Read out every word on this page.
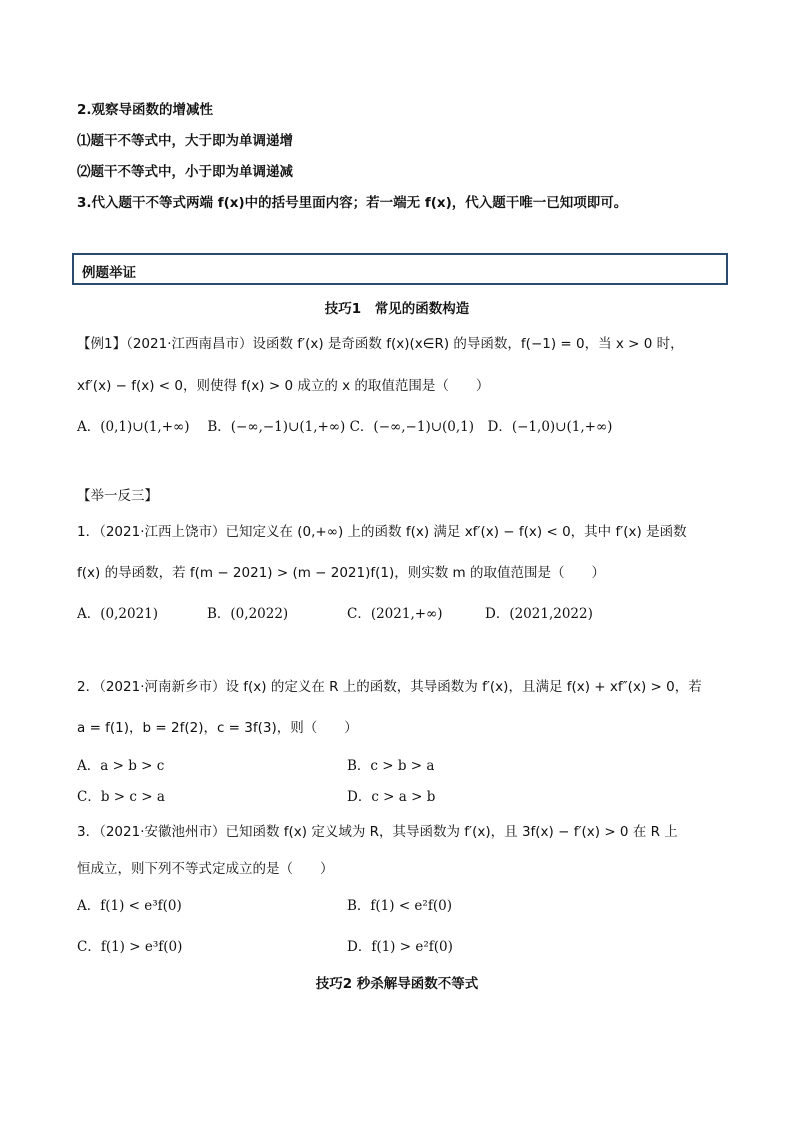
2.观察导函数的增减性
⑴题干不等式中，大于即为单调递增
⑵题干不等式中，小于即为单调递减
3.代入题干不等式两端 f(x)中的括号里面内容；若一端无 f(x)，代入题干唯一已知项即可。
例题举证
技巧1　常见的函数构造
【例1】（2021·江西南昌市）设函数 f′(x) 是奇函数 f(x)(x∈R) 的导函数，f(−1) = 0，当 x > 0 时，
xf′(x) − f(x) < 0，则使得 f(x) > 0 成立的 x 的取值范围是（　　）
A．(0,1)∪(1,+∞)　 B．(−∞,−1)∪(1,+∞) C．(−∞,−1)∪(0,1)　D．(−1,0)∪(1,+∞)
【举一反三】
1．（2021·江西上饶市）已知定义在 (0,+∞) 上的函数 f(x) 满足 xf′(x) − f(x) < 0，其中 f′(x) 是函数
f(x) 的导函数，若 f(m − 2021) > (m − 2021)f(1)，则实数 m 的取值范围是（　　）
A．(0,2021)	B．(0,2022)	C．(2021,+∞)	D．(2021,2022)
2．（2021·河南新乡市）设 f(x) 的定义在 R 上的函数，其导函数为 f′(x)，且满足 f(x) + xf″(x) > 0，若
a = f(1)，b = 2f(2)，c = 3f(3)，则（　　）
A．a > b > c	B．c > b > a
C．b > c > a	D．c > a > b
3．（2021·安徽池州市）已知函数 f(x) 定义域为 R，其导函数为 f′(x)，且 3f(x) − f′(x) > 0 在 R 上
恒成立，则下列不等式定成立的是（　　）
A．f(1) < e³f(0)	B．f(1) < e²f(0)
C．f(1) > e³f(0)	D．f(1) > e²f(0)
技巧2 秒杀解导函数不等式
